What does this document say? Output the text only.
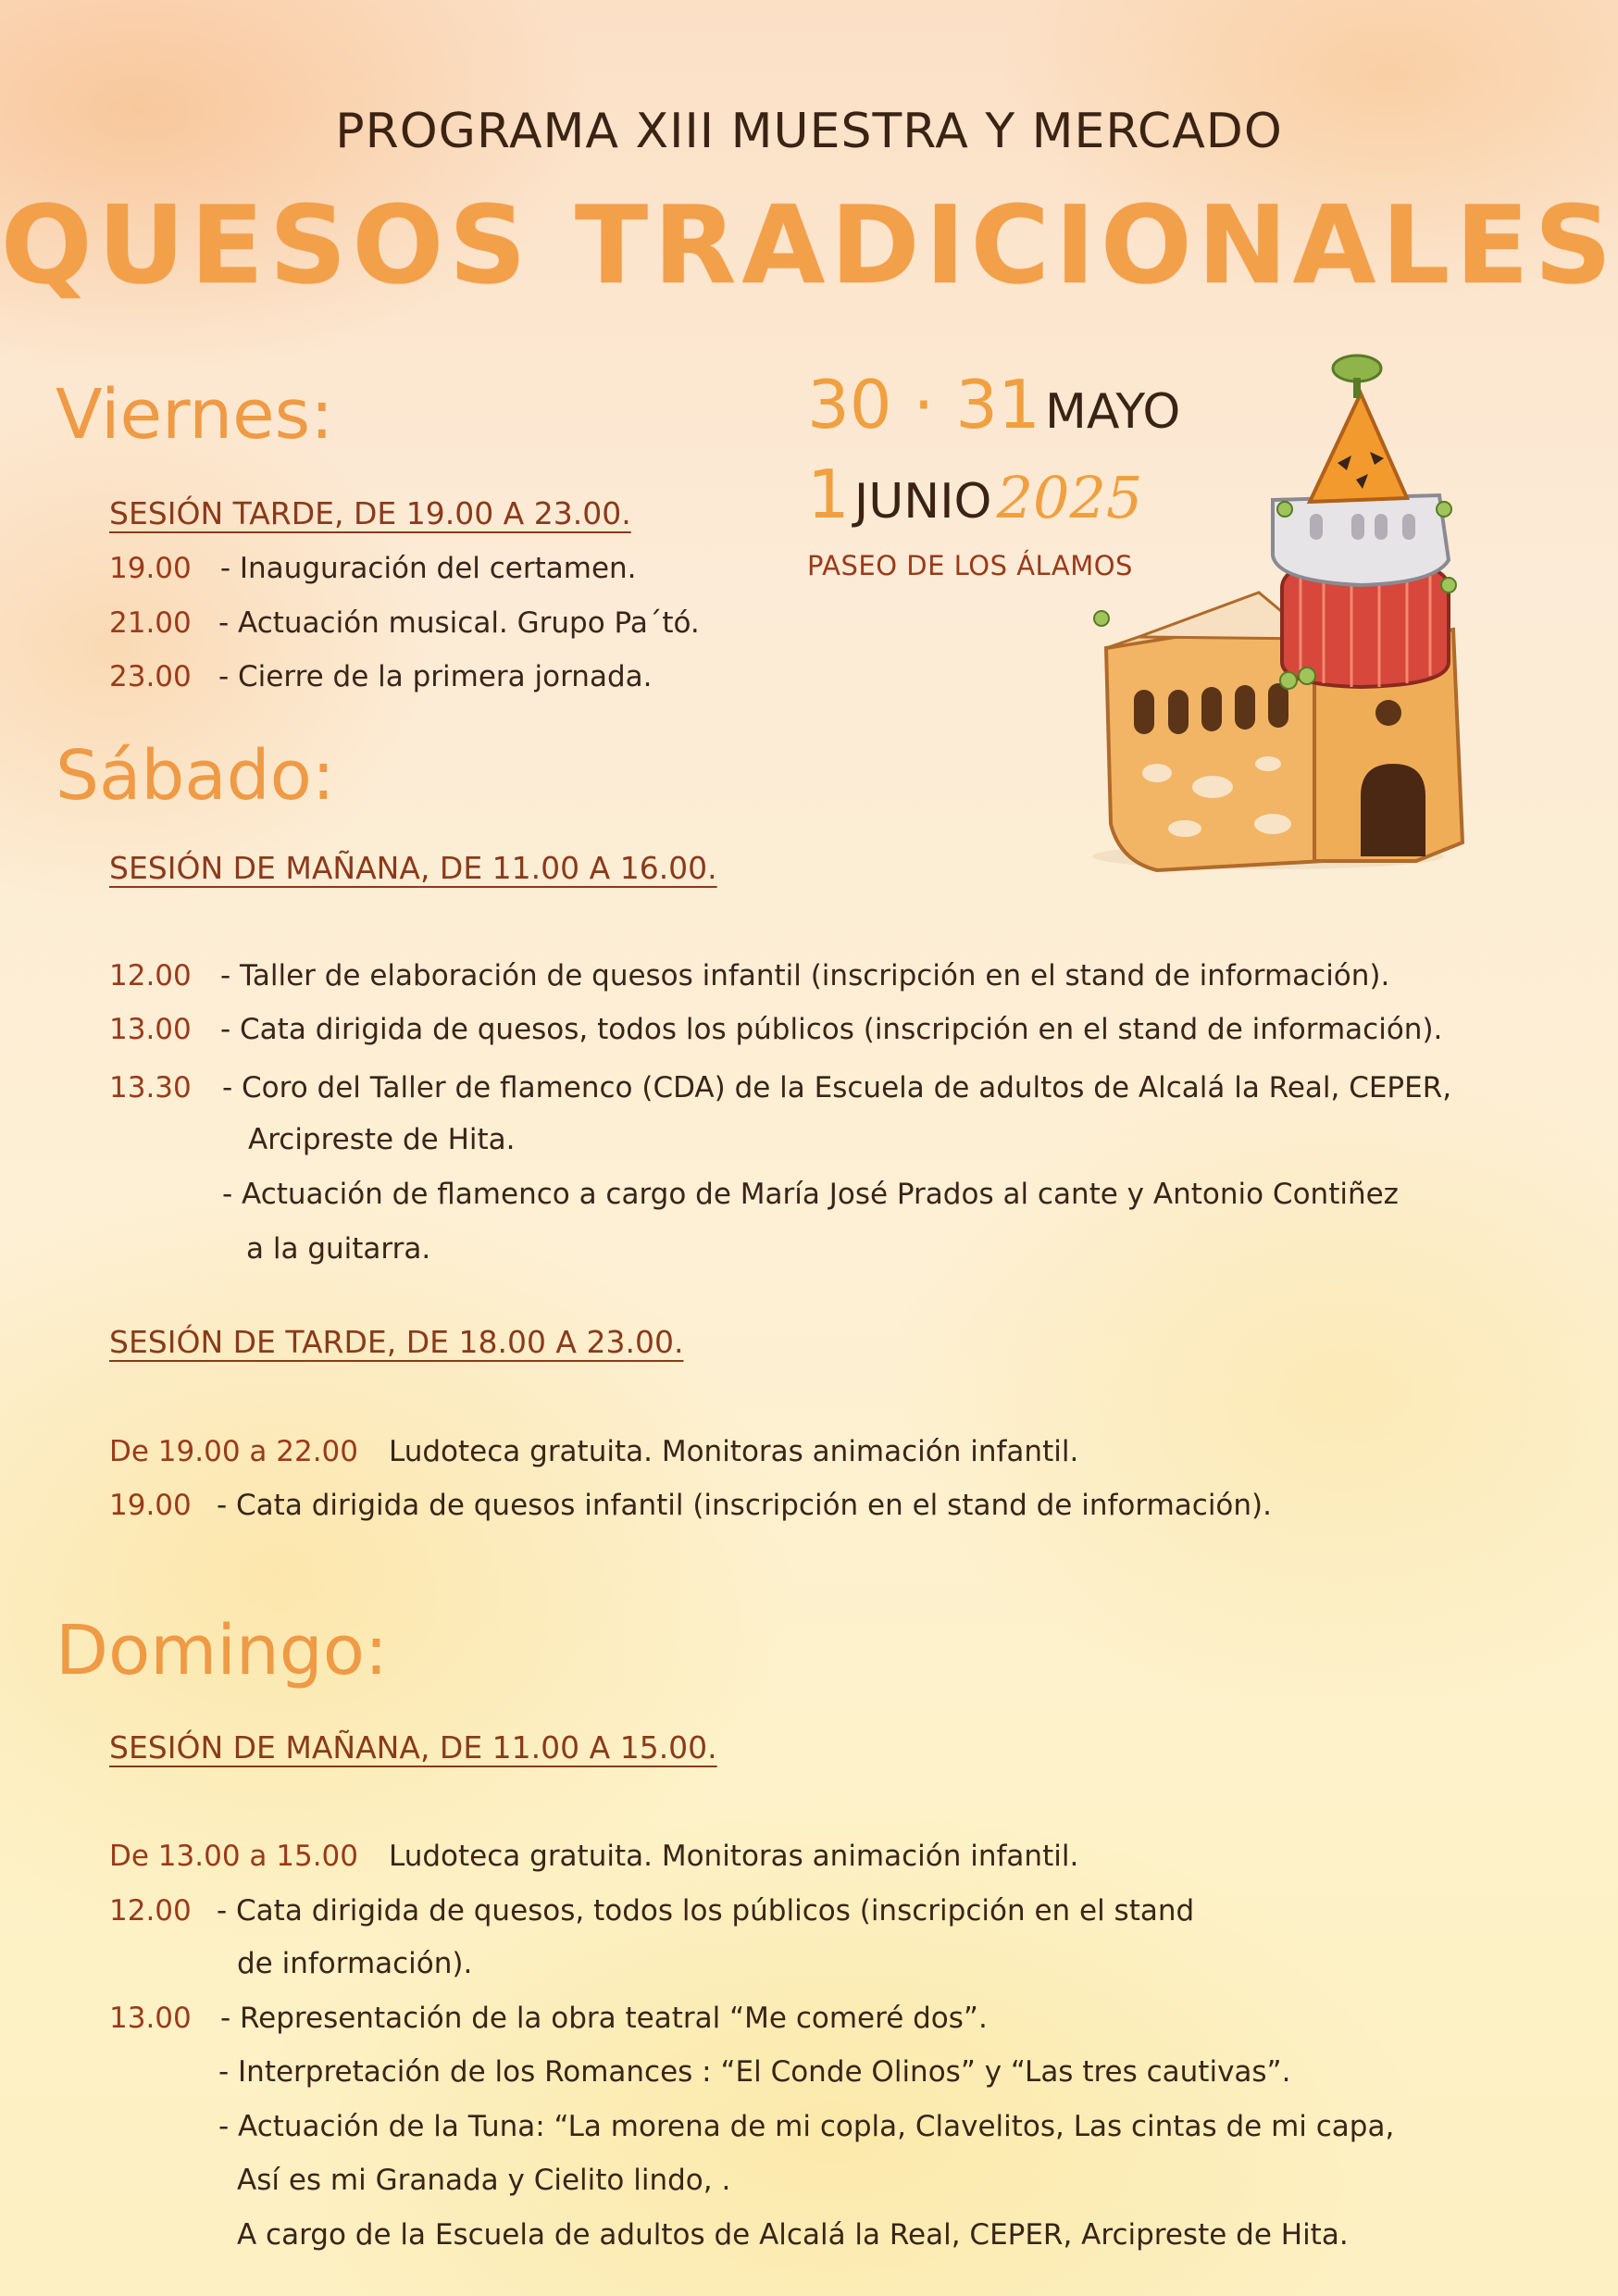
PROGRAMA XIII MUESTRA Y MERCADO
QUESOS TRADICIONALES
30 · 31 MAYO
1 JUNIO 2025
PASEO DE LOS ÁLAMOS
Viernes:
SESIÓN TARDE, DE 19.00 A 23.00.
19.00 - Inauguración del certamen.
21.00 - Actuación musical. Grupo Pa´tó.
23.00 - Cierre de la primera jornada.
Sábado:
SESIÓN DE MAÑANA, DE 11.00 A 16.00.
12.00 - Taller de elaboración de quesos infantil (inscripción en el stand de información).
13.00 - Cata dirigida de quesos, todos los públicos (inscripción en el stand de información).
13.30 - Coro del Taller de flamenco (CDA) de la Escuela de adultos de Alcalá la Real, CEPER,
Arcipreste de Hita.
- Actuación de flamenco a cargo de María José Prados al cante y Antonio Contiñez
a la guitarra.
SESIÓN DE TARDE, DE 18.00 A 23.00.
De 19.00 a 22.00 Ludoteca gratuita. Monitoras animación infantil.
19.00 - Cata dirigida de quesos infantil (inscripción en el stand de información).
Domingo:
SESIÓN DE MAÑANA, DE 11.00 A 15.00.
De 13.00 a 15.00 Ludoteca gratuita. Monitoras animación infantil.
12.00 - Cata dirigida de quesos, todos los públicos (inscripción en el stand
de información).
13.00 - Representación de la obra teatral “Me comeré dos”.
- Interpretación de los Romances : “El Conde Olinos” y “Las tres cautivas”.
- Actuación de la Tuna: “La morena de mi copla, Clavelitos, Las cintas de mi capa,
Así es mi Granada y Cielito lindo, .
A cargo de la Escuela de adultos de Alcalá la Real, CEPER, Arcipreste de Hita.
